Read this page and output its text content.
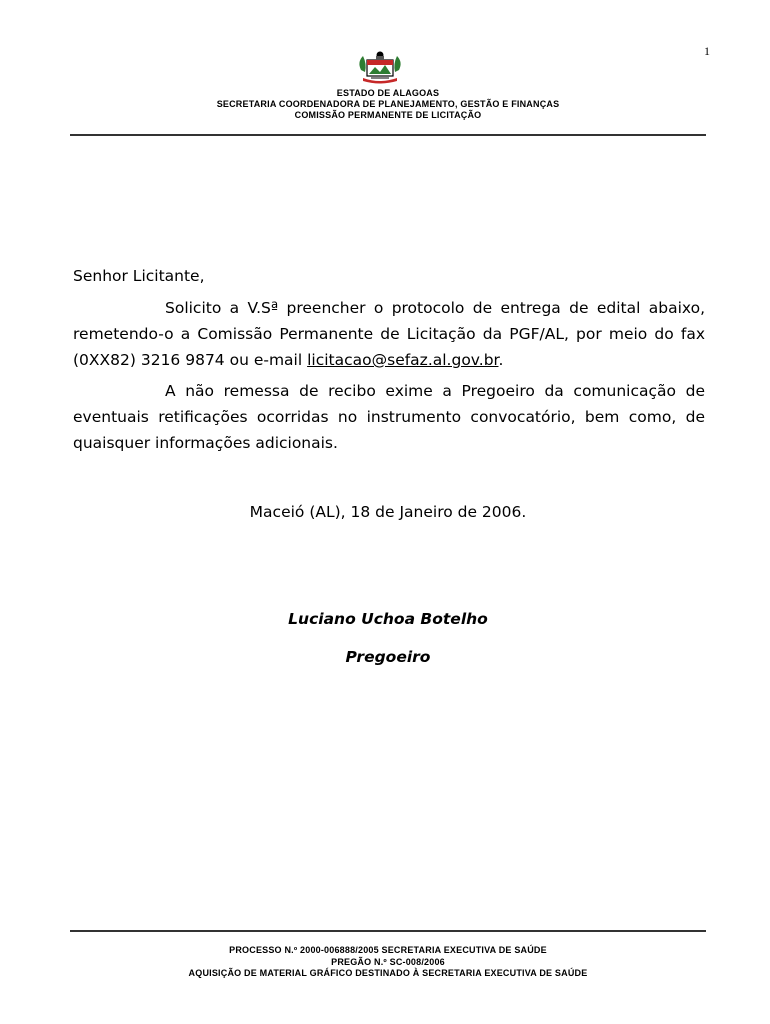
1
ESTADO DE ALAGOAS
SECRETARIA COORDENADORA DE PLANEJAMENTO, GESTÃO E FINANÇAS
COMISSÃO PERMANENTE DE LICITAÇÃO
Senhor Licitante,

Solicito a V.Sª preencher o protocolo de entrega de edital abaixo, remetendo-o a Comissão Permanente de Licitação da PGF/AL, por meio do fax (0XX82) 3216 9874 ou e-mail licitacao@sefaz.al.gov.br.

A não remessa de recibo exime a Pregoeiro da comunicação de eventuais retificações ocorridas no instrumento convocatório, bem como, de quaisquer informações adicionais.

Maceió (AL), 18 de Janeiro de 2006.
Luciano Uchoa Botelho
Pregoeiro
PROCESSO N.º 2000-006888/2005 SECRETARIA EXECUTIVA DE SAÚDE
PREGÃO N.º SC-008/2006
AQUISIÇÃO DE MATERIAL GRÁFICO DESTINADO À SECRETARIA EXECUTIVA DE SAÚDE
